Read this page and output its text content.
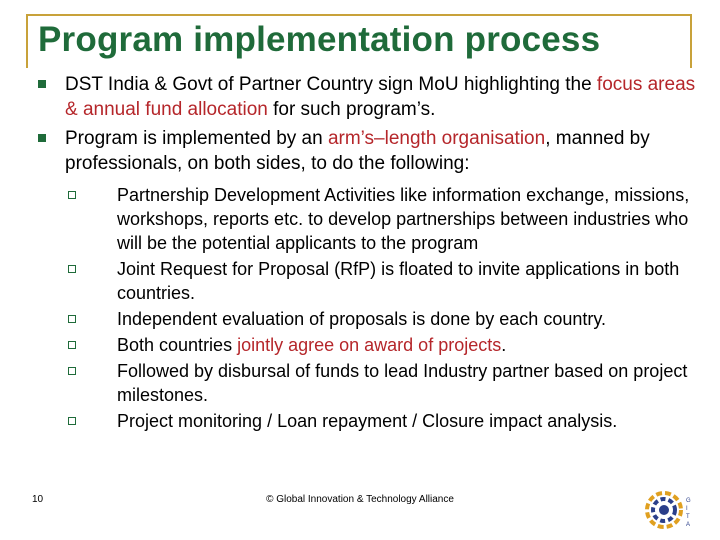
Program implementation process
DST India & Govt of Partner Country sign MoU highlighting the focus areas & annual fund allocation for such program’s.
Program is implemented by an arm’s–length organisation, manned by professionals, on both sides, to do the following:
Partnership Development Activities like information exchange, missions, workshops, reports etc. to develop partnerships between industries who will be the potential applicants to the program
Joint Request for Proposal (RfP) is floated to invite applications in both countries.
Independent evaluation of proposals is done by each country.
Both countries jointly agree on award of projects.
Followed by disbursal of funds to lead Industry partner based on project milestones.
Project monitoring / Loan repayment / Closure impact analysis.
10	© Global Innovation & Technology Alliance	G
I
T
A
